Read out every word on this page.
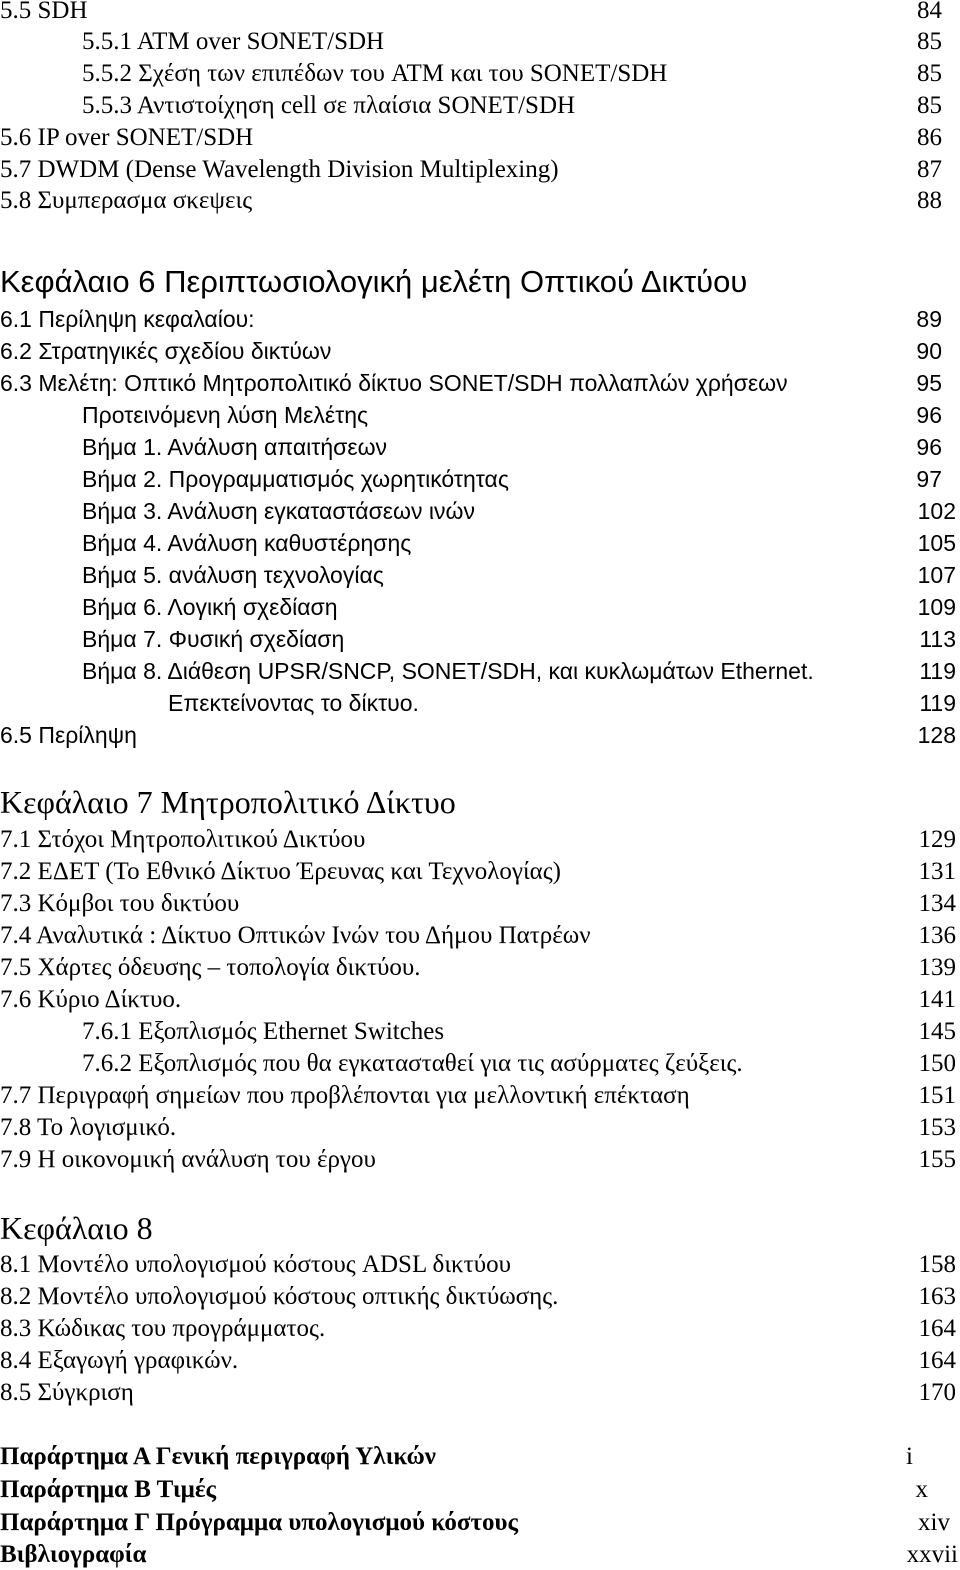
5.5 SDH	84
5.5.1 ATM over SONET/SDH	85
5.5.2 Σχέση των επιπέδων του ATM και του SONET/SDH	85
5.5.3 Αντιστοίχηση cell σε πλαίσια SONET/SDH	85
5.6 IP over SONET/SDH	86
5.7 DWDM (Dense Wavelength Division Multiplexing)	87
5.8 Συμπερασμα σκεψεις	88
Κεφάλαιο 6 Περιπτωσιολογική μελέτη Οπτικού Δικτύου
6.1 Περίληψη κεφαλαίου:	89
6.2 Στρατηγικές σχεδίου δικτύων	90
6.3 Μελέτη: Οπτικό Μητροπολιτικό δίκτυο SONET/SDH πολλαπλών χρήσεων	95
Προτεινόμενη λύση Μελέτης	96
Βήμα 1. Ανάλυση απαιτήσεων	96
Βήμα 2. Προγραμματισμός χωρητικότητας	97
Βήμα 3. Ανάλυση εγκαταστάσεων ινών	102
Βήμα 4. Ανάλυση καθυστέρησης	105
Βήμα 5. ανάλυση τεχνολογίας	107
Βήμα 6. Λογική σχεδίαση	109
Βήμα 7. Φυσική σχεδίαση	113
Βήμα 8. Διάθεση UPSR/SNCP, SONET/SDH, και κυκλωμάτων Ethernet.	119
Επεκτείνοντας το δίκτυο.	119
6.5 Περίληψη	128
Κεφάλαιο 7 Μητροπολιτικό Δίκτυο
7.1 Στόχοι Μητροπολιτικού Δικτύου	129
7.2 ΕΔΕΤ (Το Εθνικό Δίκτυο Έρευνας και Τεχνολογίας)	131
7.3 Κόμβοι του δικτύου	134
7.4 Αναλυτικά : Δίκτυο Οπτικών Ινών του Δήμου Πατρέων	136
7.5 Χάρτες όδευσης – τοπολογία δικτύου.	139
7.6 Κύριο Δίκτυο.	141
7.6.1 Εξοπλισμός Ethernet Switches	145
7.6.2 Εξοπλισμός που θα εγκατασταθεί για τις ασύρματες ζεύξεις.	150
7.7 Περιγραφή σημείων που προβλέπονται για μελλοντική επέκταση	151
7.8 Το λογισμικό.	153
7.9 Η οικονομική ανάλυση του έργου	155
Κεφάλαιο 8
8.1 Μοντέλο υπολογισμού κόστους ADSL δικτύου	158
8.2 Μοντέλο υπολογισμού κόστους οπτικής δικτύωσης.	163
8.3 Κώδικας του προγράμματος.	164
8.4 Εξαγωγή γραφικών.	164
8.5 Σύγκριση	170
Παράρτημα Α Γενική περιγραφή Υλικών	i
Παράρτημα Β Τιμές	x
Παράρτημα Γ Πρόγραμμα υπολογισμού κόστους	xiv
Βιβλιογραφία	xxvii
